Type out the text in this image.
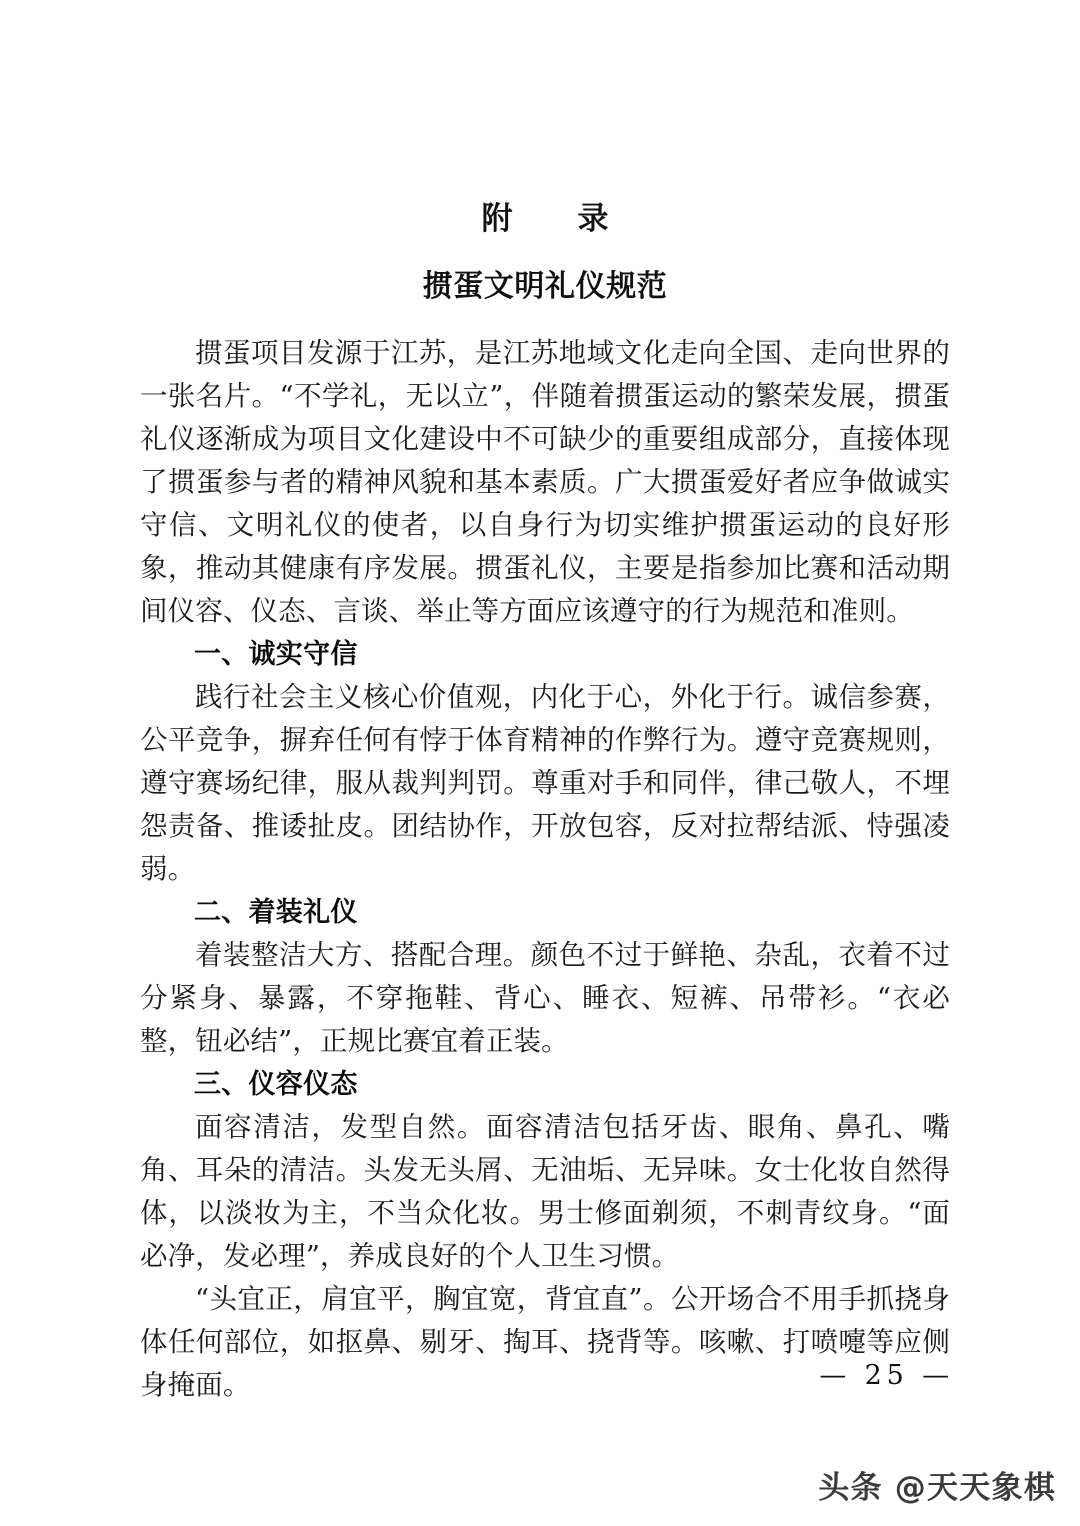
附　录
掼蛋文明礼仪规范

掼蛋项目发源于江苏，是江苏地域文化走向全国、走向世界的一张名片。“不学礼，无以立”，伴随着掼蛋运动的繁荣发展，掼蛋礼仪逐渐成为项目文化建设中不可缺少的重要组成部分，直接体现了掼蛋参与者的精神风貌和基本素质。广大掼蛋爱好者应争做诚实守信、文明礼仪的使者，以自身行为切实维护掼蛋运动的良好形象，推动其健康有序发展。掼蛋礼仪，主要是指参加比赛和活动期间仪容、仪态、言谈、举止等方面应该遵守的行为规范和准则。

一、诚实守信

践行社会主义核心价值观，内化于心，外化于行。诚信参赛，公平竞争，摒弃任何有悖于体育精神的作弊行为。遵守竞赛规则，遵守赛场纪律，服从裁判判罚。尊重对手和同伴，律己敬人，不埋怨责备、推诿扯皮。团结协作，开放包容，反对拉帮结派、恃强凌弱。

二、着装礼仪

着装整洁大方、搭配合理。颜色不过于鲜艳、杂乱，衣着不过分紧身、暴露，不穿拖鞋、背心、睡衣、短裤、吊带衫。“衣必整，钮必结”，正规比赛宜着正装。

三、仪容仪态

面容清洁，发型自然。面容清洁包括牙齿、眼角、鼻孔、嘴角、耳朵的清洁。头发无头屑、无油垢、无异味。女士化妆自然得体，以淡妆为主，不当众化妆。男士修面剃须，不刺青纹身。“面必净，发必理”，养成良好的个人卫生习惯。

“头宜正，肩宜平，胸宜宽，背宜直”。公开场合不用手抓挠身体任何部位，如抠鼻、剔牙、掏耳、挠背等。咳嗽、打喷嚏等应侧身掩面。	— 25 —
头条 @天天象棋
